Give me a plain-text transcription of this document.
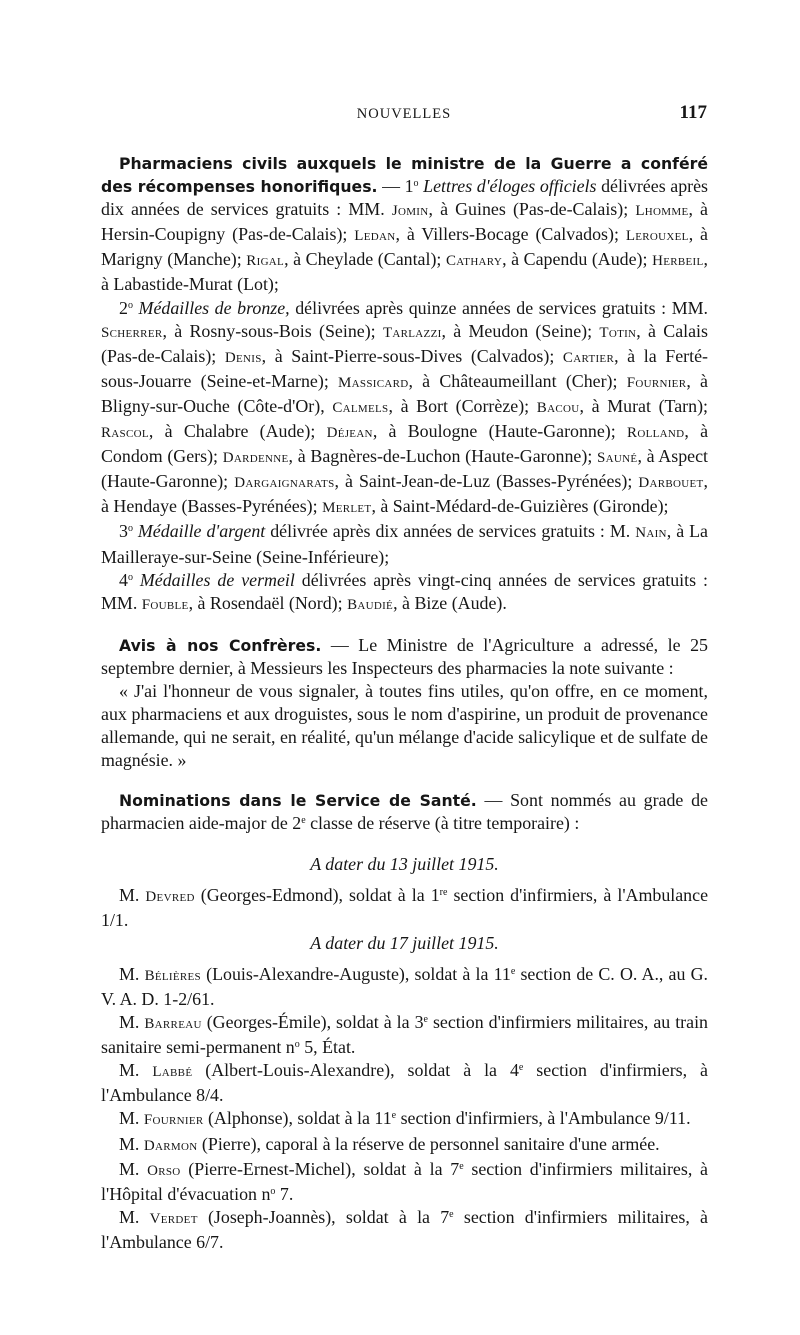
NOUVELLES	117

Pharmaciens civils auxquels le ministre de la Guerre a conféré des récompenses honorifiques. — 1$^o$ Lettres d'éloges officiels délivrées après dix années de services gratuits : MM. Jomin, à Guines (Pas-de-Calais); Lhomme, à Hersin-Coupigny (Pas-de-Calais); Ledan, à Villers-Bocage (Calvados); Lerouxel, à Marigny (Manche); Rigal, à Cheylade (Cantal); Cathary, à Capendu (Aude); Herbeil, à Labastide-Murat (Lot);

2$^o$ Médailles de bronze, délivrées après quinze années de services gratuits : MM. Scherrer, à Rosny-sous-Bois (Seine); Tarlazzi, à Meudon (Seine); Totin, à Calais (Pas-de-Calais); Denis, à Saint-Pierre-sous-Dives (Calvados); Cartier, à la Ferté-sous-Jouarre (Seine-et-Marne); Massicard, à Châteaumeillant (Cher); Fournier, à Bligny-sur-Ouche (Côte-d'Or), Calmels, à Bort (Corrèze); Bacou, à Murat (Tarn); Rascol, à Chalabre (Aude); Déjean, à Boulogne (Haute-Garonne); Rolland, à Condom (Gers); Dardenne, à Bagnères-de-Luchon (Haute-Garonne); Sauné, à Aspect (Haute-Garonne); Dargaignarats, à Saint-Jean-de-Luz (Basses-Pyrénées); Darbouet, à Hendaye (Basses-Pyrénées); Merlet, à Saint-Médard-de-Guizières (Gironde);

3$^o$ Médaille d'argent délivrée après dix années de services gratuits : M. Nain, à La Mailleraye-sur-Seine (Seine-Inférieure);

4$^o$ Médailles de vermeil délivrées après vingt-cinq années de services gratuits : MM. Fouble, à Rosendaël (Nord); Baudié, à Bize (Aude).

Avis à nos Confrères. — Le Ministre de l'Agriculture a adressé, le 25 septembre dernier, à Messieurs les Inspecteurs des pharmacies la note suivante :

« J'ai l'honneur de vous signaler, à toutes fins utiles, qu'on offre, en ce moment, aux pharmaciens et aux droguistes, sous le nom d'aspirine, un produit de provenance allemande, qui ne serait, en réalité, qu'un mélange d'acide salicylique et de sulfate de magnésie. »

Nominations dans le Service de Santé. — Sont nommés au grade de pharmacien aide-major de 2e classe de réserve (à titre temporaire) :

A dater du 13 juillet 1915.

M. Devred (Georges-Edmond), soldat à la 1re section d'infirmiers, à l'Ambulance 1/1.

A dater du 17 juillet 1915.

M. Bélières (Louis-Alexandre-Auguste), soldat à la 11e section de C. O. A., au G. V. A. D. 1-2/61.

M. Barreau (Georges-Émile), soldat à la 3e section d'infirmiers militaires, au train sanitaire semi-permanent $n^o$ 5, État.

M. Labbé (Albert-Louis-Alexandre), soldat à la 4e section d'infirmiers, à l'Ambulance 8/4.

M. Fournier (Alphonse), soldat à la 11e section d'infirmiers, à l'Ambulance 9/11.

M. Darmon (Pierre), caporal à la réserve de personnel sanitaire d'une armée.

M. Orso (Pierre-Ernest-Michel), soldat à la 7e section d'infirmiers militaires, à l'Hôpital d'évacuation $n^o$ 7.

M. Verdet (Joseph-Joannès), soldat à la 7e section d'infirmiers militaires, à l'Ambulance 6/7.
